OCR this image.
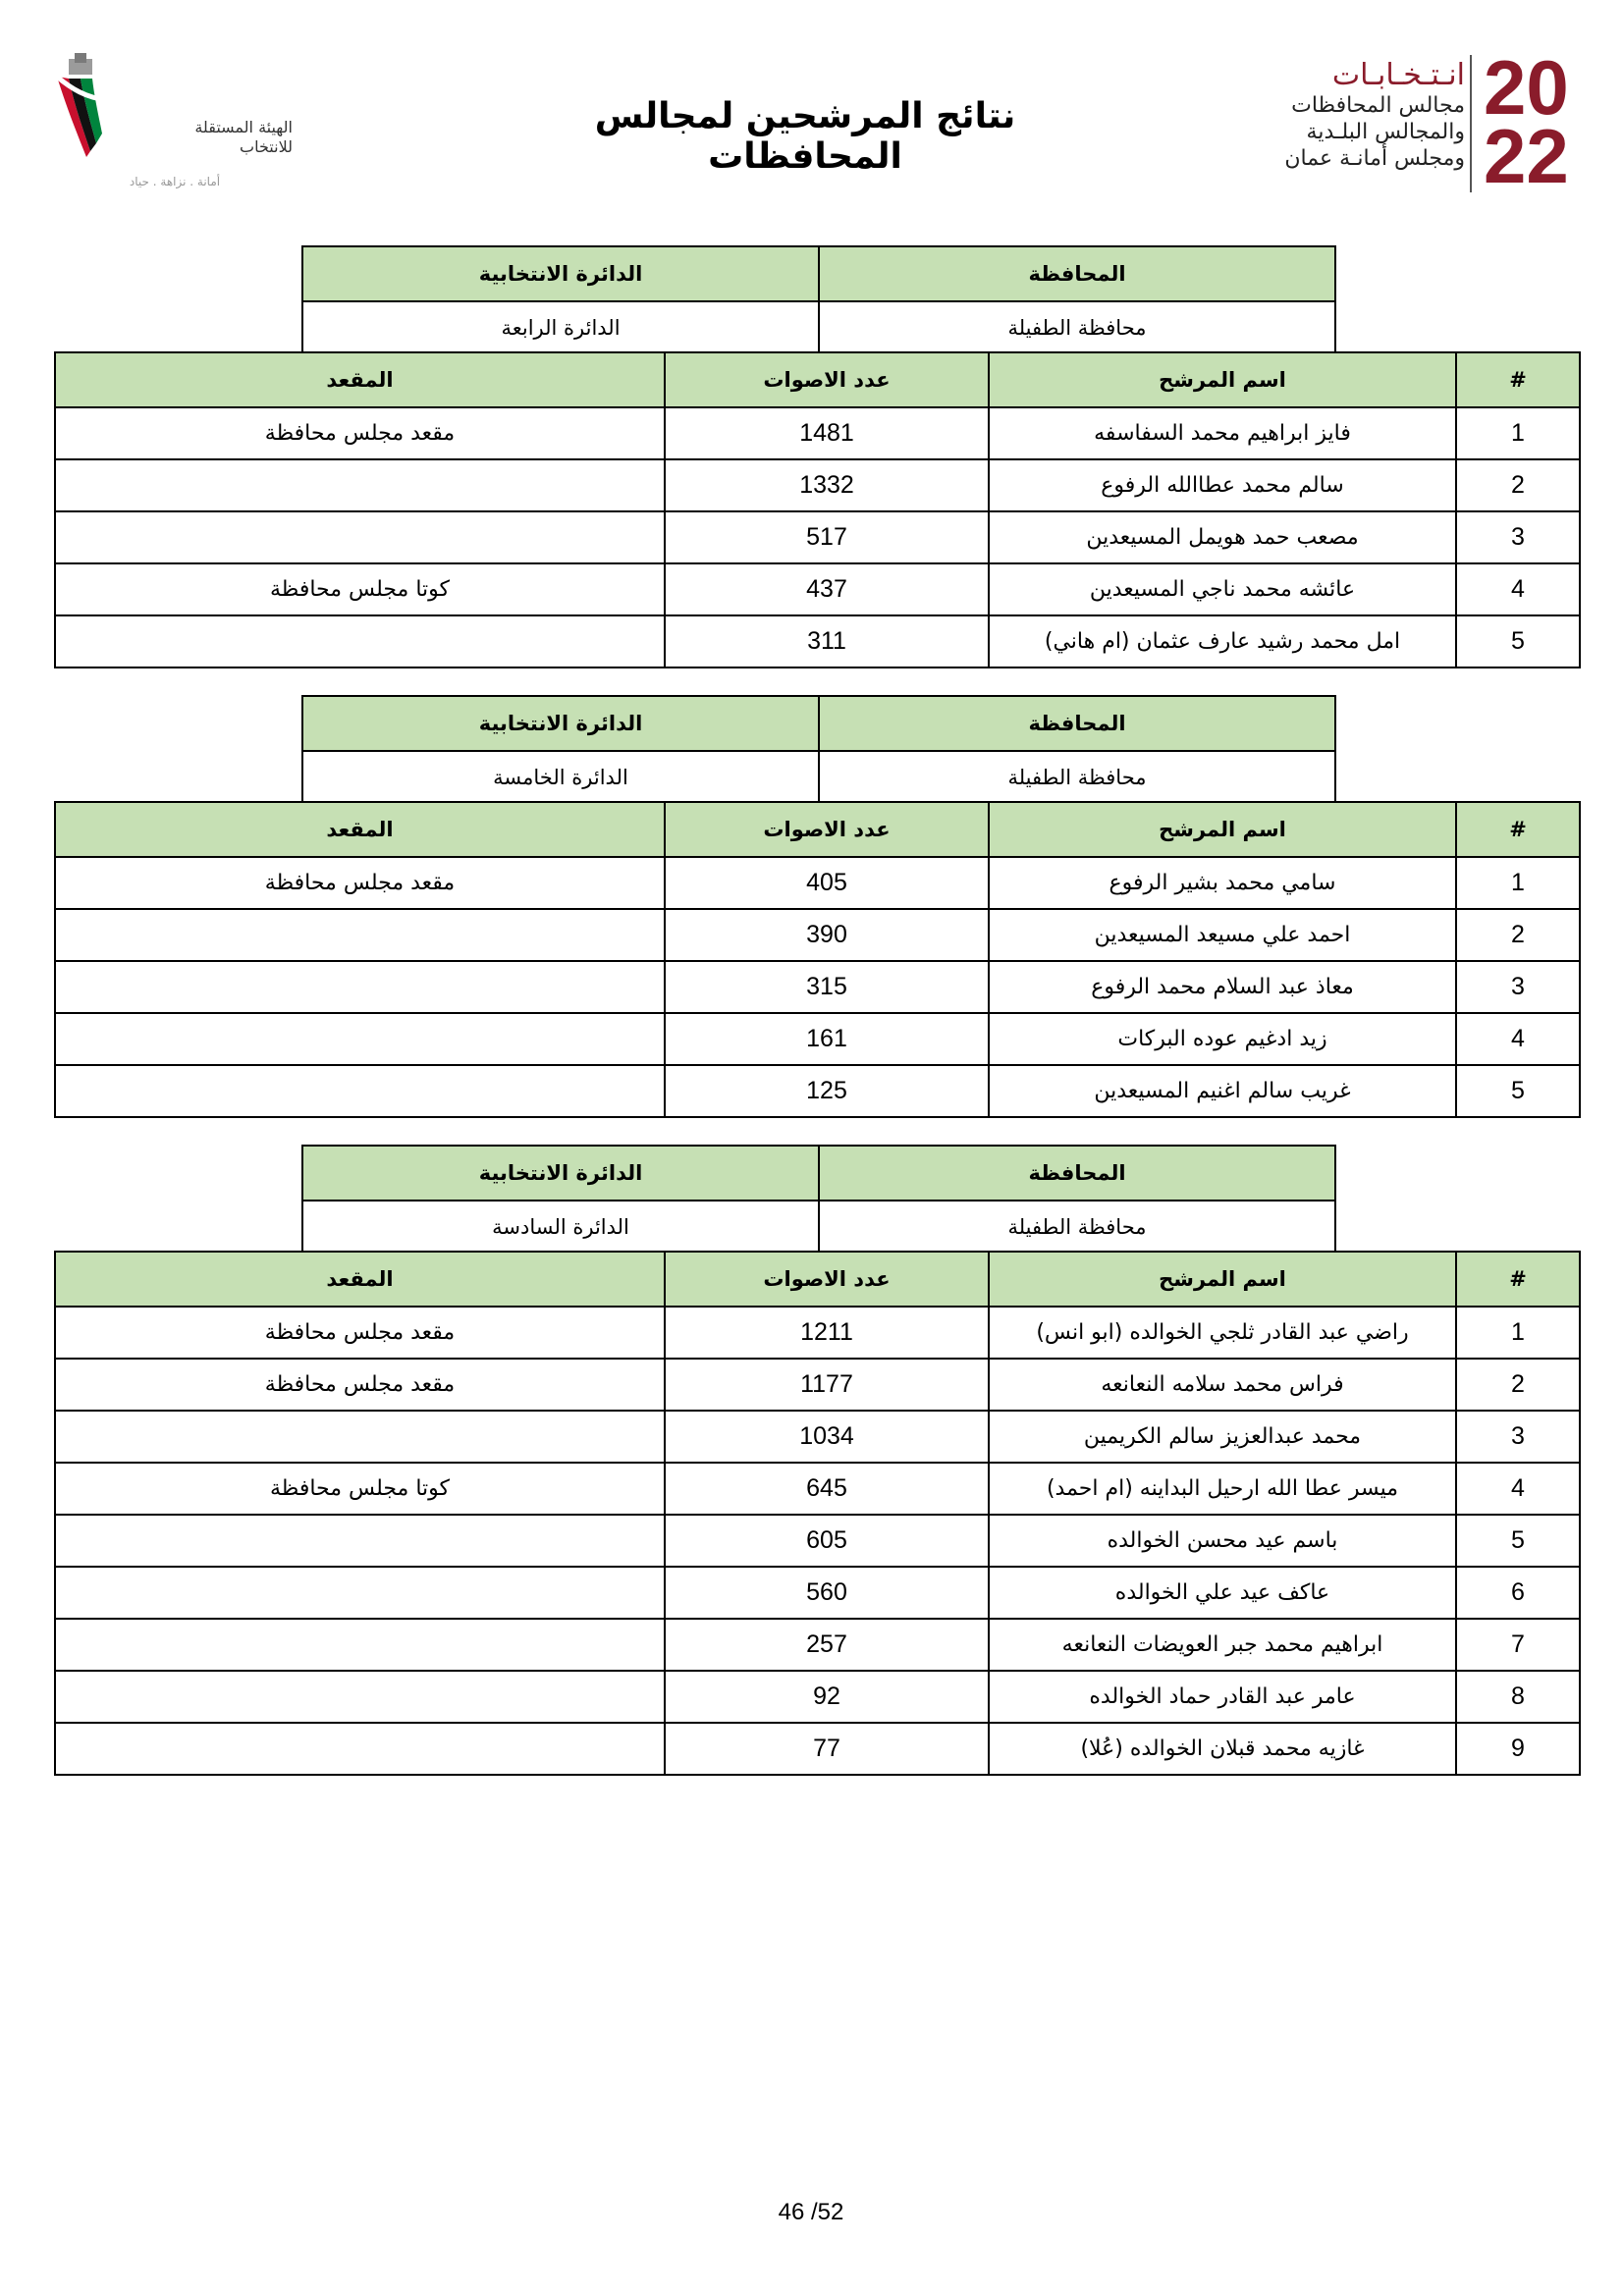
الهيئة المستقلة
للانتخاب
أمانة . نزاهة . حياد
نتائج المرشحين لمجالس المحافظات
انـتـخـابـات
مجالس المحافظات
والمجالس البلـدية
ومجلس أمانـة عمان
20
22
المحافظة	الدائرة الانتخابية
محافظة الطفيلة	الدائرة الرابعة
#	اسم المرشح	عدد الاصوات	المقعد
1	فايز ابراهيم محمد السفاسفه	1481	مقعد مجلس محافظة
2	سالم محمد عطاالله الرفوع	1332	
3	مصعب حمد هويمل المسيعدين	517	
4	عائشه محمد ناجي المسيعدين	437	كوتا مجلس محافظة
5	امل محمد رشيد عارف عثمان (ام هاني)	311	
المحافظة	الدائرة الانتخابية
محافظة الطفيلة	الدائرة الخامسة
#	اسم المرشح	عدد الاصوات	المقعد
1	سامي محمد بشير الرفوع	405	مقعد مجلس محافظة
2	احمد علي مسيعد المسيعدين	390	
3	معاذ عبد السلام محمد الرفوع	315	
4	زيد ادغيم عوده البركات	161	
5	غريب سالم اغنيم المسيعدين	125	
المحافظة	الدائرة الانتخابية
محافظة الطفيلة	الدائرة السادسة
#	اسم المرشح	عدد الاصوات	المقعد
1	راضي عبد القادر ثلجي الخوالده (ابو انس)	1211	مقعد مجلس محافظة
2	فراس محمد سلامه النعانعه	1177	مقعد مجلس محافظة
3	محمد عبدالعزيز سالم الكريمين	1034	
4	ميسر عطا الله ارحيل البداينه (ام احمد)	645	كوتا مجلس محافظة
5	باسم عيد محسن الخوالده	605	
6	عاكف عيد علي الخوالده	560	
7	ابراهيم محمد جبر العويضات النعانعه	257	
8	عامر عبد القادر حماد الخوالده	92	
9	غازيه محمد قبلان الخوالده (عُلا)	77	
46 /52
